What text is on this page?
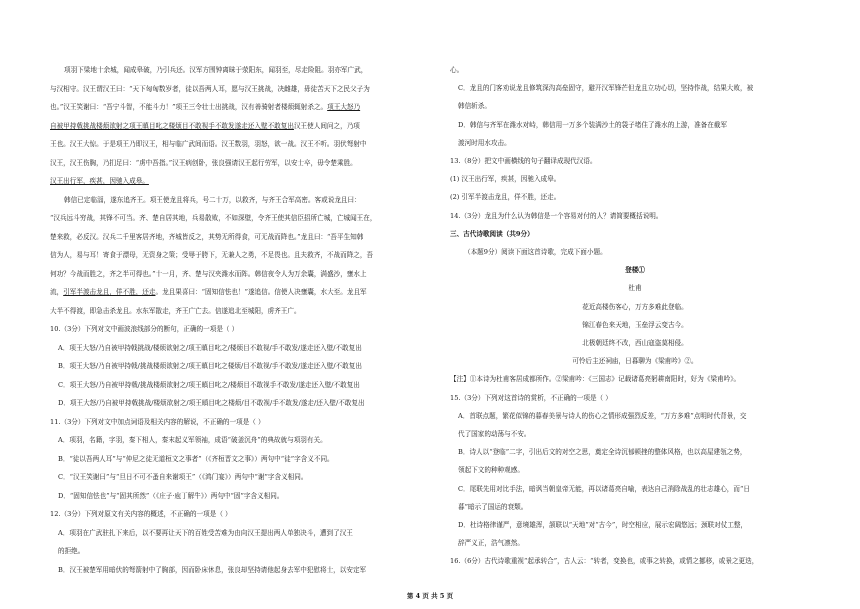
项羽下梁地十余城，闻成皋破，乃引兵还。汉军方围钟离昧于荥阳东，闻羽至，尽走险阻。羽亦军广武，
与汉相守。汉王谓汉王曰：“天下匈匈数岁者，徒以吾两人耳，愿与汉王挑战，决雌雄，毋徒苦天下之民父子为
也。”汉王笑谢曰：“吾宁斗智，不能斗力！”项王三令壮士出挑战，汉有善骑射者楼烦辄射杀之。项王大怒乃
自被甲持戟挑战楼烦欲射之项王瞋目叱之楼烦目不敢视手不敢发遂走还入壁不敢复出汉王使人间问之，乃项
王也。汉王大惊。于是项王乃即汉王，相与临广武间而语。汉王数羽，羽怒，欲一战。汉王不听。羽伏弩射中
汉王，汉王伤胸，乃扪足曰：“虏中吾指。”汉王病创卧，张良强请汉王起行劳军，以安士卒，毋令楚乘胜。
汉王出行军，疾甚，因驰入成皋。
韩信已定临淄，遂东追齐王。项王使龙且将兵，号二十万，以救齐，与齐王合军高密。客或说龙且曰：
“汉兵远斗穷战，其锋不可当。齐、楚自居其地，兵易散败，不如深壁，令齐王使其信臣招所亡城，亡城闻王在，
楚来救，必反汉。汉兵二千里客居齐地，齐城皆反之，其势无所得食，可无战而降也。”龙且曰：“吾平生知韩
信为人，易与耳！寄食于漂母，无资身之策；受辱于胯下，无兼人之勇，不足畏也。且夫救齐，不战而降之，吾
何功？今战而胜之，齐之半可得也。”十一月，齐、楚与汉夹潍水而阵。韩信夜令人为万余囊，满盛沙，壅水上
流，引军半渡击龙且，佯不胜，还走。龙且果喜曰：“固知信怯也！”遂追信。信使人决壅囊，水大至。龙且军
大半不得渡，即急击杀龙且。水东军散走，齐王广亡去。信遂追北至城阳，虏齐王广。
10.（3分）下列对文中画波浪线部分的断句，正确的一项是（ ）
A．项王大怒/乃自被甲持戟挑战/楼烦欲射之/项王瞋目叱之/楼烦目不敢视/手不敢发/遂走还入壁/不敢复出
B．项王大怒/乃自被甲持戟/挑战楼烦欲射之/项王瞋目叱之楼烦/目不敢视/手不敢发/遂走还入壁/不敢复出
C．项王大怒/乃自被甲持戟/挑战楼烦欲射之/项王瞋目叱之/楼烦目不敢视手不敢发/遂走还入壁/不敢复出
D．项王大怒/乃自被甲持戟挑战/楼烦欲射之/项王瞋目叱之楼烦/目不敢视/手不敢发/遂走/还入壁/不敢复出
11.（3分）下列对文中加点词语及相关内容的解说，不正确的一项是（ ）
A．项羽，名籍，字羽，秦下相人，秦末起义军领袖，成语“破釜沉舟”的典故就与项羽有关。
B．“徒以吾两人耳”与“仲尼之徒无道桓文之事者”（《齐桓晋文之事》）两句中“徒”字含义不同。
C．“汉王笑谢曰”与“旦日不可不蚤自来谢项王”（《鸿门宴》）两句中“谢”字含义相同。
D．“固知信怯也”与“固其所然”（《庄子·庖丁解牛》）两句中“固”字含义相同。
12.（3分）下列对原文有关内容的概述，不正确的一项是（ ）
A．项羽在广武驻扎下来后，以不要再让天下的百姓受苦难为由向汉王提出两人单独决斗，遭到了汉王
的拒绝。
B．汉王被楚军用暗伏的弩箭射中了胸部，因而卧床休息，张良却坚持请他起身去军中犯慰将士，以安定军
心。
C．龙且的门客劝说龙且修筑深沟高垒固守，避开汉军锋芒但龙且立功心切，坚持作战，结果大败，被
韩信斩杀。
D．韩信与齐军在潍水对峙，韩信用一万多个装满沙土的袋子堵住了潍水的上游，准备在截军
渡河时用水攻击。
13.（8分）把文中画横线的句子翻译成现代汉语。
(1) 汉王出行军，疾甚，因驰入成皋。
(2) 引军半渡击龙且，佯不胜，还走。
14.（3分）龙且为什么认为韩信是一个容易对付的人？请简要概括说明。
三、古代诗歌阅读（共9分）
（本题9分）阅读下面这首诗歌，完成下面小题。
登楼①
杜甫
花近高楼伤客心，万方多难此登临。
锦江春色来天地，玉垒浮云变古今。
北极朝廷终不改，西山寇盗莫相侵。
可怜后主还祠庙，日暮聊为《梁甫吟》②。
【注】①本诗为杜甫客居成都所作。②梁甫吟：《三国志》记载诸葛亮躬耕南阳时，好为《梁甫吟》。
15.（3分）下列对这首诗的赏析，不正确的一项是（ ）
A．首联点题，繁花似锦的暮春美景与诗人的伤心之情形成强烈反差，“万方多难”点明时代背景，交
代了国家的动荡与不安。
B．诗人以“登临”二字，引出后文的对空之思，奠定全诗沉郁顿挫的整体风格，也以高屋建瓴之势，
领起下文的种种观感。
C．尾联先用对比手法，暗讽当朝皇帝无能，再以诸葛亮自喻，表达自己消除战乱的壮志雄心，而“日
暮”暗示了国运的衰颓。
D．杜诗格律谨严，意境雄浑，颔联以“天地”对“古今”，时空相应，展示宏阔悠远；颈联对仗工整，
辞严义正，浩气凛然。
16.（6分）古代诗歌重视“起承转合”，古人云：“转者，变换也，或事之转换，或情之挪移，或景之更迭，
第 4 页 共 5 页
